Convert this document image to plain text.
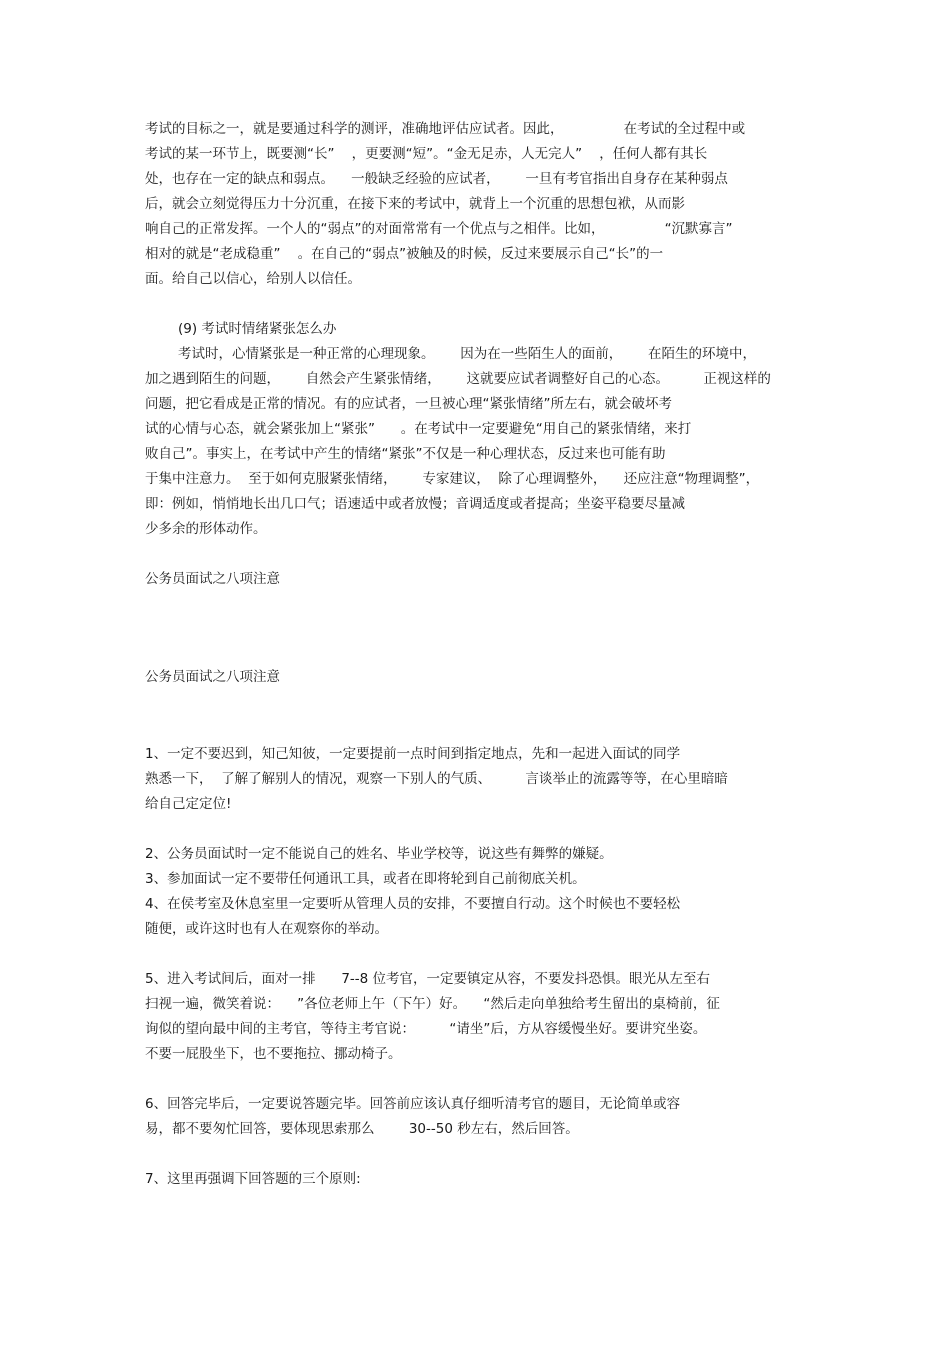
考试的目标之一，就是要通过科学的测评，准确地评估应试者。因此，              在考试的全过程中或
考试的某一环节上，既要测“长”    ，更要测“短”。“金无足赤，人无完人”    ，任何人都有其长
处，也存在一定的缺点和弱点。    一般缺乏经验的应试者，      一旦有考官指出自身存在某种弱点
后，就会立刻觉得压力十分沉重，在接下来的考试中，就背上一个沉重的思想包袱，从而影
响自己的正常发挥。一个人的“弱点”的对面常常有一个优点与之相伴。比如，              “沉默寡言”
相对的就是“老成稳重”    。在自己的“弱点”被触及的时候，反过来要展示自己“长”的一
面。给自己以信心，给别人以信任。
(9) 考试时情绪紧张怎么办
考试时，心情紧张是一种正常的心理现象。      因为在一些陌生人的面前，      在陌生的环境中，
加之遇到陌生的问题，      自然会产生紧张情绪，      这就要应试者调整好自己的心态。        正视这样的
问题，把它看成是正常的情况。有的应试者，一旦被心理“紧张情绪”所左右，就会破坏考
试的心情与心态，就会紧张加上“紧张”      。在考试中一定要避免“用自己的紧张情绪，来打
败自己”。事实上，在考试中产生的情绪“紧张”不仅是一种心理状态，反过来也可能有助
于集中注意力。  至于如何克服紧张情绪，      专家建议，  除了心理调整外，    还应注意“物理调整”，
即：例如，悄悄地长出几口气；语速适中或者放慢；音调适度或者提高；坐姿平稳要尽量减
少多余的形体动作。
公务员面试之八项注意
公务员面试之八项注意
1、一定不要迟到，知己知彼，一定要提前一点时间到指定地点，先和一起进入面试的同学
熟悉一下，  了解了解别人的情况，观察一下别人的气质、        言谈举止的流露等等，在心里暗暗
给自己定定位!
2、公务员面试时一定不能说自己的姓名、毕业学校等，说这些有舞弊的嫌疑。
3、参加面试一定不要带任何通讯工具，或者在即将轮到自己前彻底关机。
4、在侯考室及休息室里一定要听从管理人员的安排，不要擅自行动。这个时候也不要轻松
随便，或许这时也有人在观察你的举动。
5、进入考试间后，面对一排      7--8 位考官，一定要镇定从容，不要发抖恐惧。眼光从左至右
扫视一遍，微笑着说：    ”各位老师上午（下午）好。    “然后走向单独给考生留出的桌椅前，征
询似的望向最中间的主考官，等待主考官说：        “请坐”后，方从容缓慢坐好。要讲究坐姿。
不要一屁股坐下，也不要拖拉、挪动椅子。
6、回答完毕后，一定要说答题完毕。回答前应该认真仔细听清考官的题目，无论简单或容
易，都不要匆忙回答，要体现思索那么        30--50 秒左右，然后回答。
7、这里再强调下回答题的三个原则:
